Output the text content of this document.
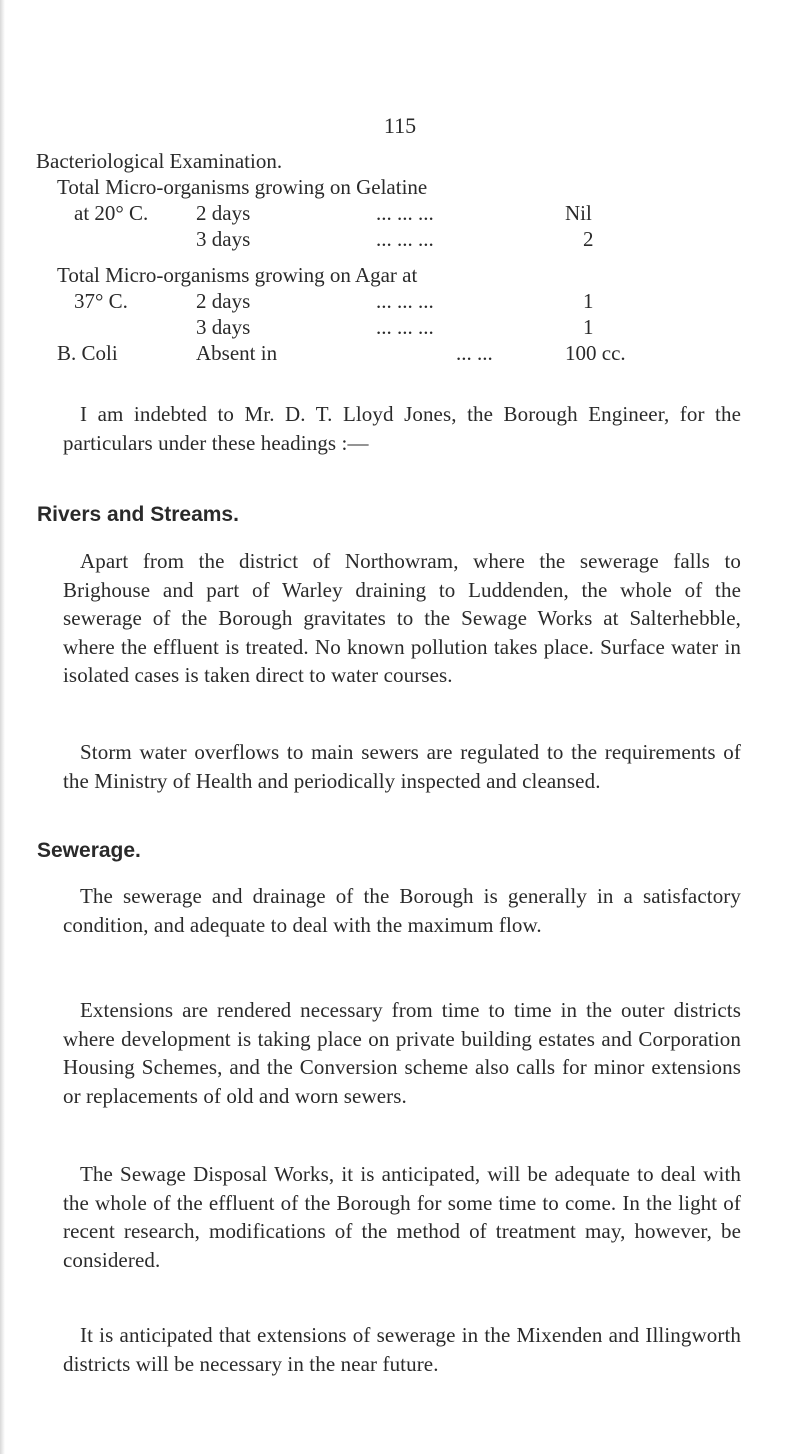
115
Bacteriological Examination.
Total Micro-organisms growing on Gelatine
at 20° C. 2 days	... ... ...	Nil
3 days	... ... ...	2
Total Micro-organisms growing on Agar at
37° C.	2 days	... ... ...	1
3 days	... ... ...	1
B. Coli	Absent in	... ...	100 cc.
I am indebted to Mr. D. T. Lloyd Jones, the Borough Engineer, for the particulars under these headings :—
Rivers and Streams.
Apart from the district of Northowram, where the sewerage falls to Brighouse and part of Warley draining to Luddenden, the whole of the sewerage of the Borough gravitates to the Sewage Works at Salterhebble, where the effluent is treated. No known pollution takes place. Surface water in isolated cases is taken direct to water courses.
Storm water overflows to main sewers are regulated to the requirements of the Ministry of Health and periodically inspected and cleansed.
Sewerage.
The sewerage and drainage of the Borough is generally in a satisfactory condition, and adequate to deal with the maximum flow.
Extensions are rendered necessary from time to time in the outer districts where development is taking place on private building estates and Corporation Housing Schemes, and the Conversion scheme also calls for minor extensions or replacements of old and worn sewers.
The Sewage Disposal Works, it is anticipated, will be adequate to deal with the whole of the effluent of the Borough for some time to come. In the light of recent research, modifications of the method of treatment may, however, be considered.
It is anticipated that extensions of sewerage in the Mixenden and Illingworth districts will be necessary in the near future.
